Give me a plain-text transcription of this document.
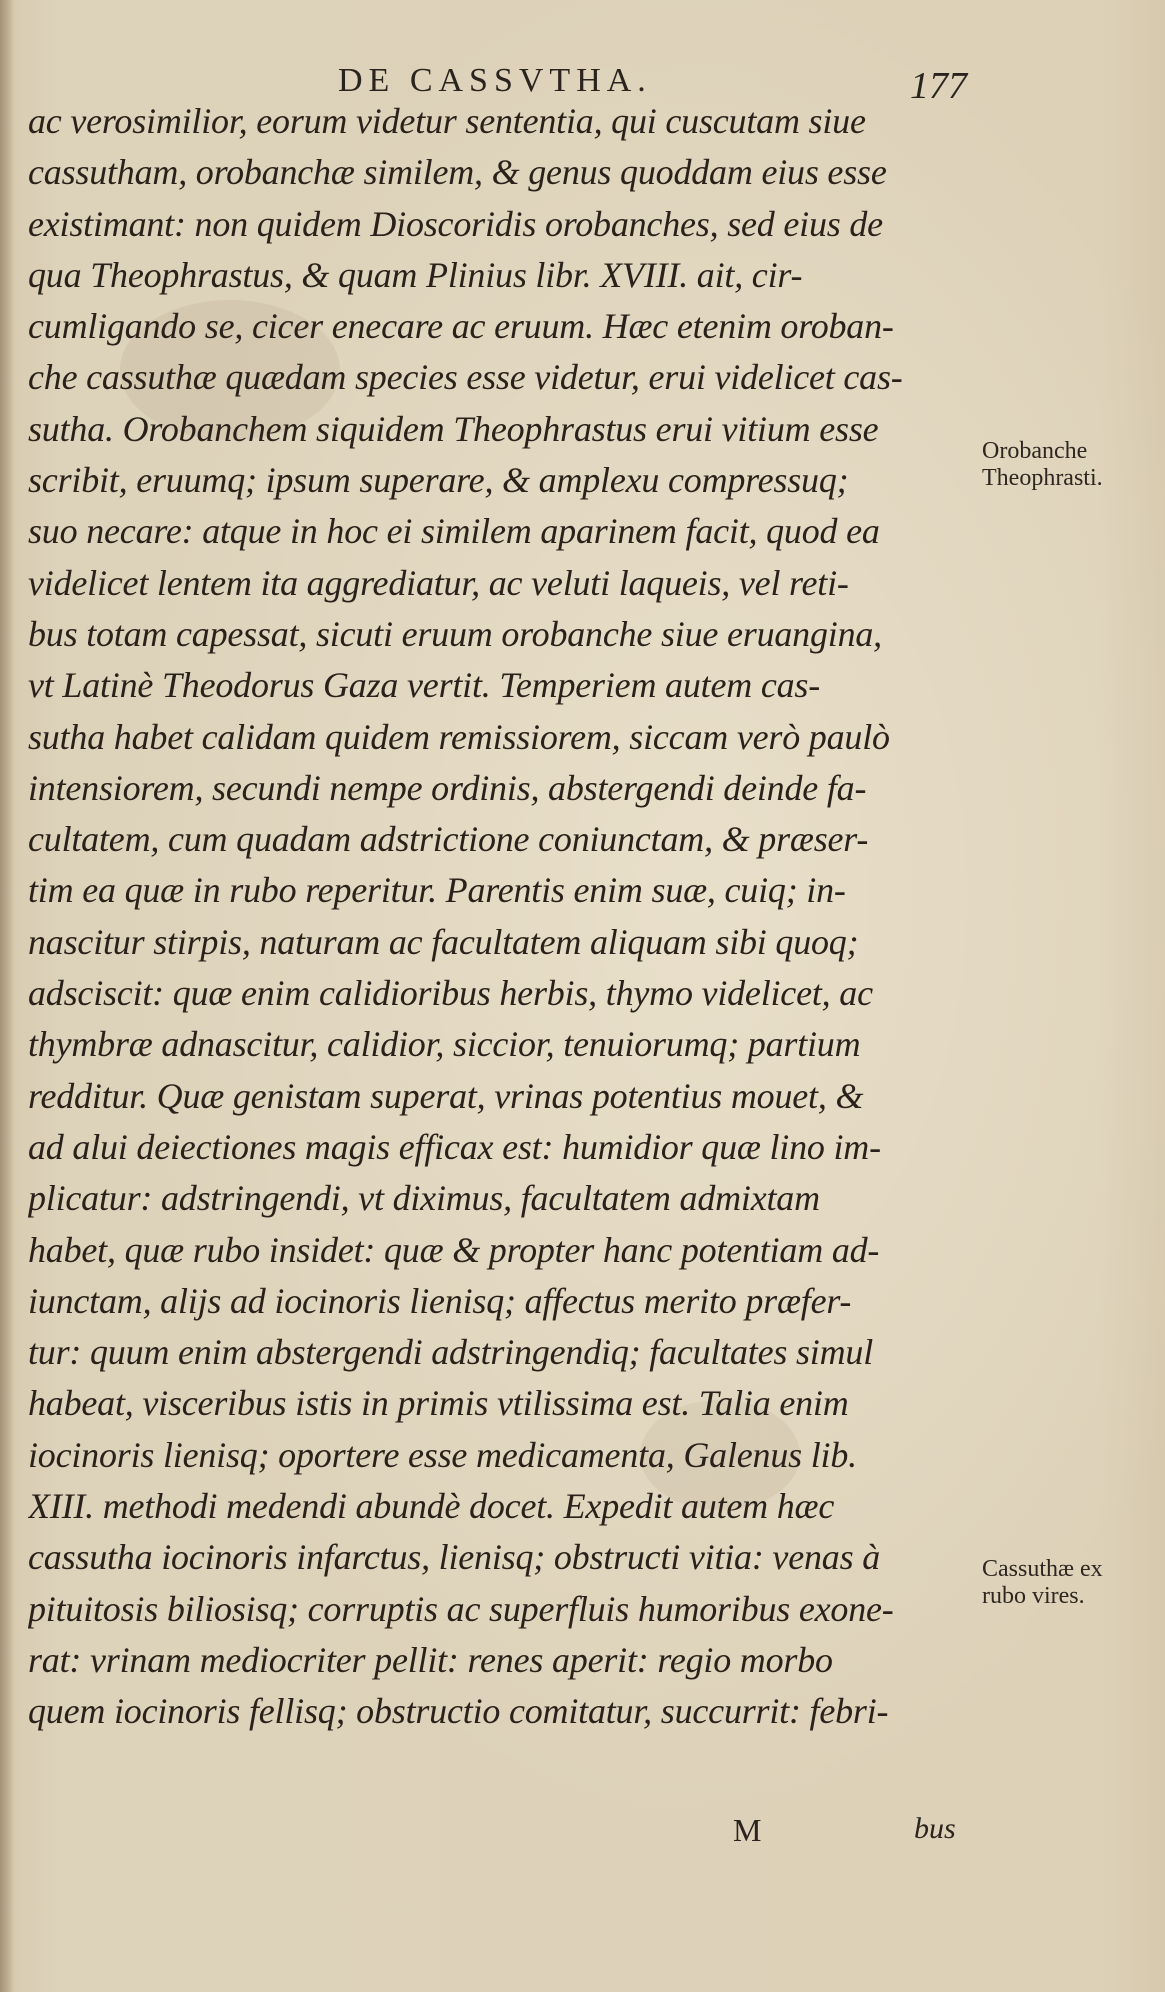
DE CASSVTHA.	177
ac verosimilior, eorum videtur sententia, qui cuscutam siue
cassutham, orobanchæ similem, & genus quoddam eius esse
existimant: non quidem Dioscoridis orobanches, sed eius de
qua Theophrastus, & quam Plinius libr. XVIII. ait, cir-
cumligando se, cicer enecare ac eruum. Hæc etenim oroban-
che cassuthæ quædam species esse videtur, erui videlicet cas-
sutha. Orobanchem siquidem Theophrastus erui vitium esse
scribit, eruumq; ipsum superare, & amplexu compressuq;
suo necare: atque in hoc ei similem aparinem facit, quod ea
videlicet lentem ita aggrediatur, ac veluti laqueis, vel reti-
bus totam capessat, sicuti eruum orobanche siue eruangina,
vt Latinè Theodorus Gaza vertit. Temperiem autem cas-
sutha habet calidam quidem remissiorem, siccam verò paulò
intensiorem, secundi nempe ordinis, abstergendi deinde fa-
cultatem, cum quadam adstrictione coniunctam, & præser-
tim ea quæ in rubo reperitur. Parentis enim suæ, cuiq; in-
nascitur stirpis, naturam ac facultatem aliquam sibi quoq;
adsciscit: quæ enim calidioribus herbis, thymo videlicet, ac
thymbræ adnascitur, calidior, siccior, tenuiorumq; partium
redditur. Quæ genistam superat, vrinas potentius mouet, &
ad alui deiectiones magis efficax est: humidior quæ lino im-
plicatur: adstringendi, vt diximus, facultatem admixtam
habet, quæ rubo insidet: quæ & propter hanc potentiam ad-
iunctam, alijs ad iocinoris lienisq; affectus merito præfer-
tur: quum enim abstergendi adstringendiq; facultates simul
habeat, visceribus istis in primis vtilissima est. Talia enim
iocinoris lienisq; oportere esse medicamenta, Galenus lib.
XIII. methodi medendi abundè docet. Expedit autem hæc
cassutha iocinoris infarctus, lienisq; obstructi vitia: venas à
pituitosis biliosisq; corruptis ac superfluis humoribus exone-
rat: vrinam mediocriter pellit: renes aperit: regio morbo
quem iocinoris fellisq; obstructio comitatur, succurrit: febri-
Orobanche
Theophrasti.
Cassuthæ ex
rubo vires.
M	bus
